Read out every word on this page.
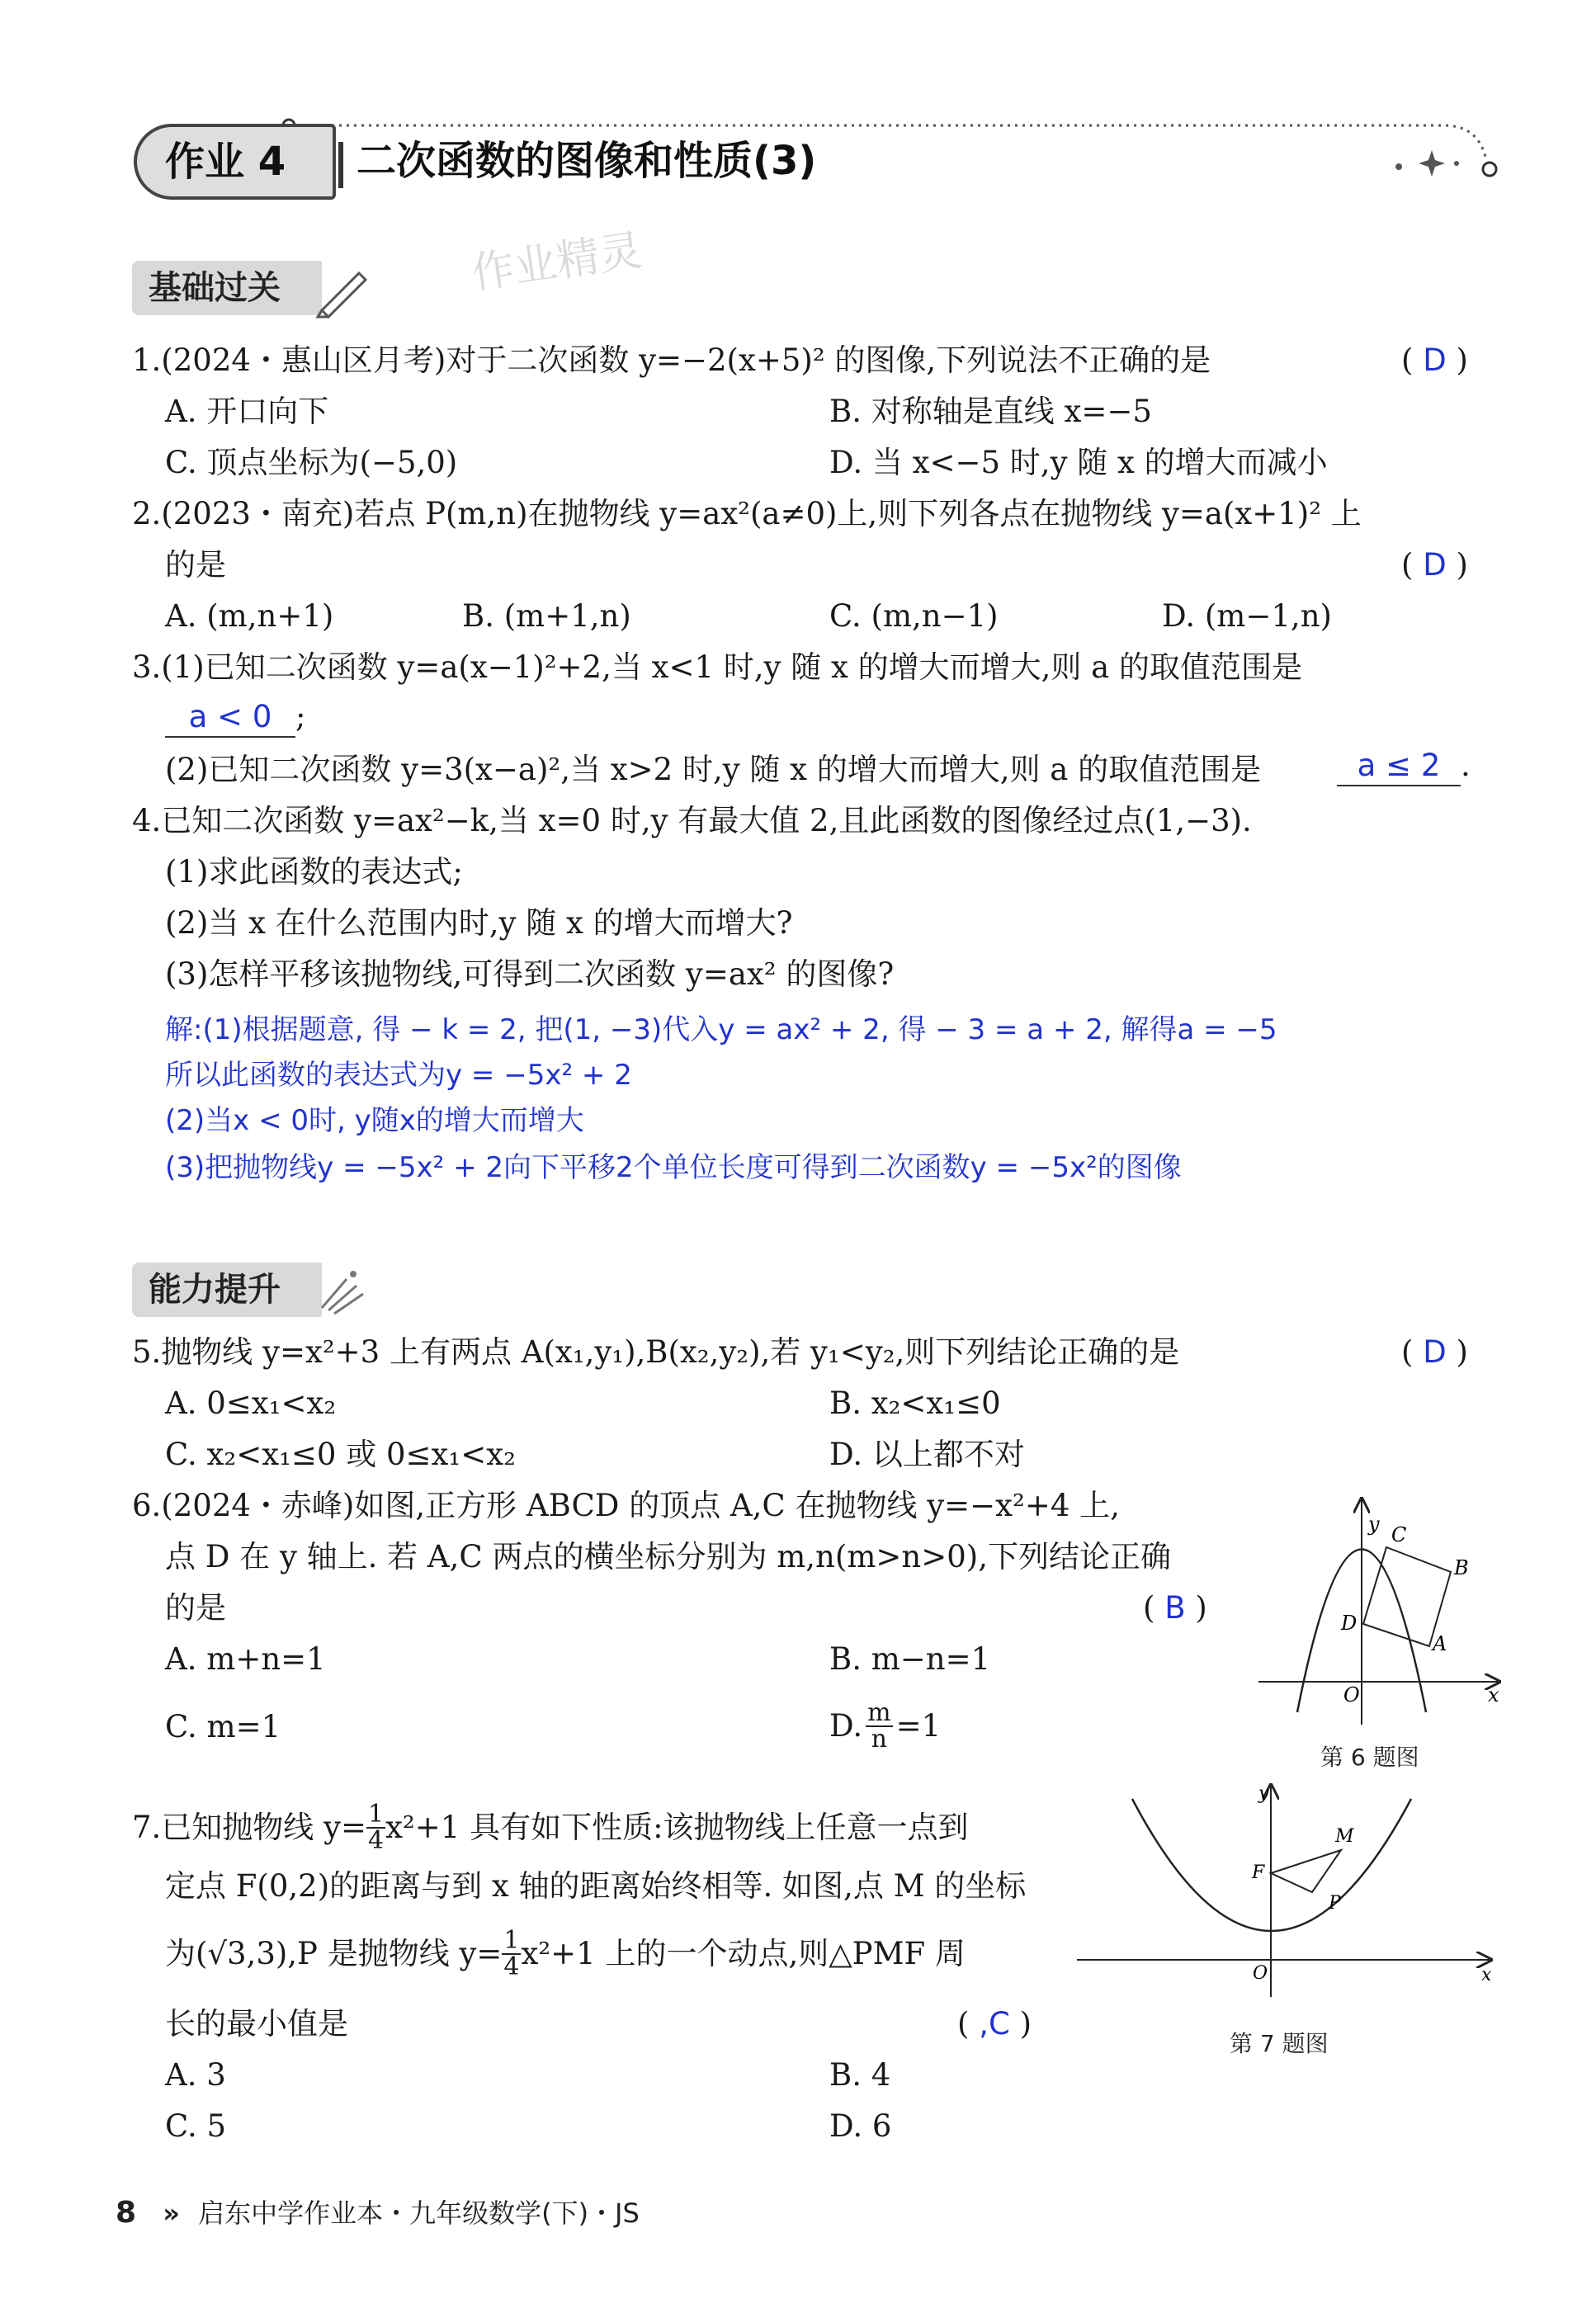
作业 4	二次函数的图像和性质(3)
作业精灵
基础过关
1.(2024・惠山区月考)对于二次函数 y=−2(x+5)² 的图像,下列说法不正确的是	( D )
A. 开口向下	B. 对称轴是直线 x=−5
C. 顶点坐标为(−5,0)	D. 当 x<−5 时,y 随 x 的增大而减小
2.(2023・南充)若点 P(m,n)在抛物线 y=ax²(a≠0)上,则下列各点在抛物线 y=a(x+1)² 上
的是	( D )
A. (m,n+1)	B. (m+1,n)	C. (m,n−1)	D. (m−1,n)
3.(1)已知二次函数 y=a(x−1)²+2,当 x<1 时,y 随 x 的增大而增大,则 a 的取值范围是
a < 0 ;
(2)已知二次函数 y=3(x−a)²,当 x>2 时,y 随 x 的增大而增大,则 a 的取值范围是	a ≤ 2 .
4.已知二次函数 y=ax²−k,当 x=0 时,y 有最大值 2,且此函数的图像经过点(1,−3).
(1)求此函数的表达式;
(2)当 x 在什么范围内时,y 随 x 的增大而增大?
(3)怎样平移该抛物线,可得到二次函数 y=ax² 的图像?
解:(1)根据题意, 得 − k = 2, 把(1, −3)代入y = ax² + 2, 得 − 3 = a + 2, 解得a = −5
所以此函数的表达式为y = −5x² + 2
(2)当x < 0时, y随x的增大而增大
(3)把抛物线y = −5x² + 2向下平移2个单位长度可得到二次函数y = −5x²的图像
能力提升
5.抛物线 y=x²+3 上有两点 A(x₁,y₁),B(x₂,y₂),若 y₁<y₂,则下列结论正确的是	( D )
A. 0≤x₁<x₂	B. x₂<x₁≤0
C. x₂<x₁≤0 或 0≤x₁<x₂	D. 以上都不对
6.(2024・赤峰)如图,正方形 ABCD 的顶点 A,C 在抛物线 y=−x²+4 上,
点 D 在 y 轴上. 若 A,C 两点的横坐标分别为 m,n(m>n>0),下列结论正确
的是	( B )
A. m+n=1	B. m−n=1
C. m=1	D. $\frac{m}{n} =1$
y
x
O
C
B
A
D
第 6 题图
7.已知抛物线 $y= \frac{1}{4} x^2+1$ 具有如下性质:该抛物线上任意一点到
定点 F(0,2)的距离与到 x 轴的距离始终相等. 如图,点 M 的坐标
为(√3,3),P 是抛物线 $y= \frac{1}{4} x^2+1$ 上的一个动点,则△PMF 周
长的最小值是	( ,C )
A. 3	B. 4
C. 5	D. 6
y
x
O
F
M
P
第 7 题图
8 » 启东中学作业本・九年级数学(下)・JS
